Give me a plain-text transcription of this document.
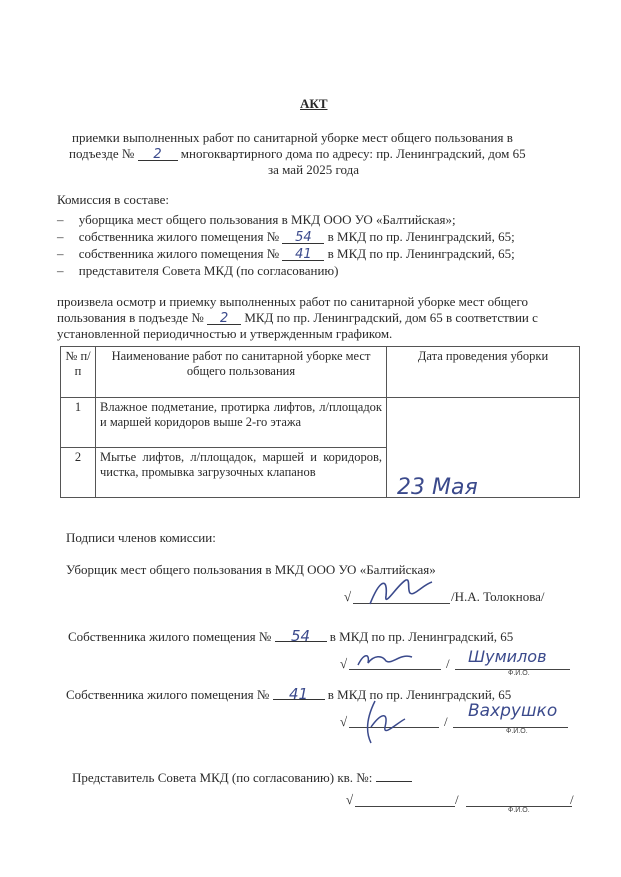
АКТ
приемки выполненных работ по санитарной уборке мест общего пользования в
подъезде № 2 многоквартирного дома по адресу: пр. Ленинградский, дом 65
за май 2025 года
Комиссия в составе:
– уборщика мест общего пользования в МКД ООО УО «Балтийская»;
– собственника жилого помещения № 54 в МКД по пр. Ленинградский, 65;
– собственника жилого помещения № 41 в МКД по пр. Ленинградский, 65;
– представителя Совета МКД (по согласованию)
произвела осмотр и приемку выполненных работ по санитарной уборке мест общего
пользования в подъезде № 2 МКД по пр. Ленинградский, дом 65 в соответствии с
установленной периодичностью и утвержденным графиком.
№ п/п	Наименование работ по санитарной уборке мест общего пользования	Дата проведения уборки
1	Влажное подметание, протирка лифтов, л/площадок и маршей коридоров выше 2-го этажа	23 Мая

2	Мытье лифтов, л/площадок, маршей и коридоров, чистка, промывка загрузочных клапанов	
Подписи членов комиссии:
Уборщик мест общего пользования в МКД ООО УО «Балтийская»
√	/Н.А. Толокнова/
Собственника жилого помещения № 54 в МКД по пр. Ленинградский, 65
√	/ Шумилов
Ф.И.О.
Собственника жилого помещения № 41 в МКД по пр. Ленинградский, 65
√	/
Вахрушко
Ф.И.О.
Представитель Совета МКД (по согласованию) кв. №:
√	/	/
Ф.И.О.
